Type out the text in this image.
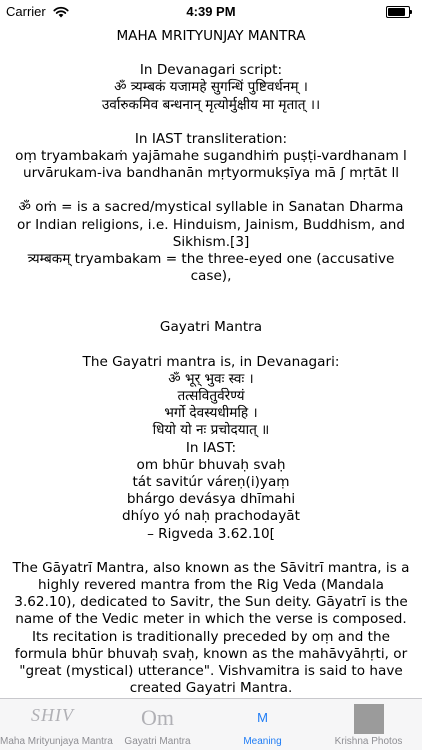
Carrier	4:39 PM

MAHA MRITYUNJAY MANTRA

In Devanagari script:

ॐ त्र्यम्बकं यजामहे सुगन्धिं पुष्टिवर्धनम् ।

उर्वारुकमिव बन्धनान् मृत्योर्मुक्षीय मा मृतात् ।।

In IAST transliteration:

oṃ tryambakaṁ yajāmahe sugandhiṁ puṣṭi-vardhanam l

urvārukam-iva bandhanān mṛtyormukṣīya mā ʃ mṛtāt ll

ॐ oṁ = is a sacred/mystical syllable in Sanatan Dharma

or Indian religions, i.e. Hinduism, Jainism, Buddhism, and

Sikhism.[3]

त्र्यम्बकम् tryambakam = the three-eyed one (accusative

case),

Gayatri Mantra

The Gayatri mantra is, in Devanagari:

ॐ भूर् भुवः स्वः ।

तत्सवितुर्वरेण्यं

भर्गो देवस्यधीमहि ।

धियो यो नः प्रचोदयात् ॥

In IAST:

om bhūr bhuvaḥ svaḥ

tát savitúr váreṇ(i)yaṃ

bhárgo devásya dhīmahi

dhíyo yó naḥ prachodayāt

– Rigveda 3.62.10[

The Gāyatrī Mantra, also known as the Sāvitrī mantra, is a

highly revered mantra from the Rig Veda (Mandala

3.62.10), dedicated to Savitr, the Sun deity. Gāyatrī is the

name of the Vedic meter in which the verse is composed.

Its recitation is traditionally preceded by oṃ and the

formula bhūr bhuvaḥ svaḥ, known as the mahāvyāhṛti, or

"great (mystical) utterance". Vishvamitra is said to have

created Gayatri Mantra.

SHIV
Maha Mrityunjaya Mantra
Om
Gayatri Mantra
M
Meaning	Krishna Photos
